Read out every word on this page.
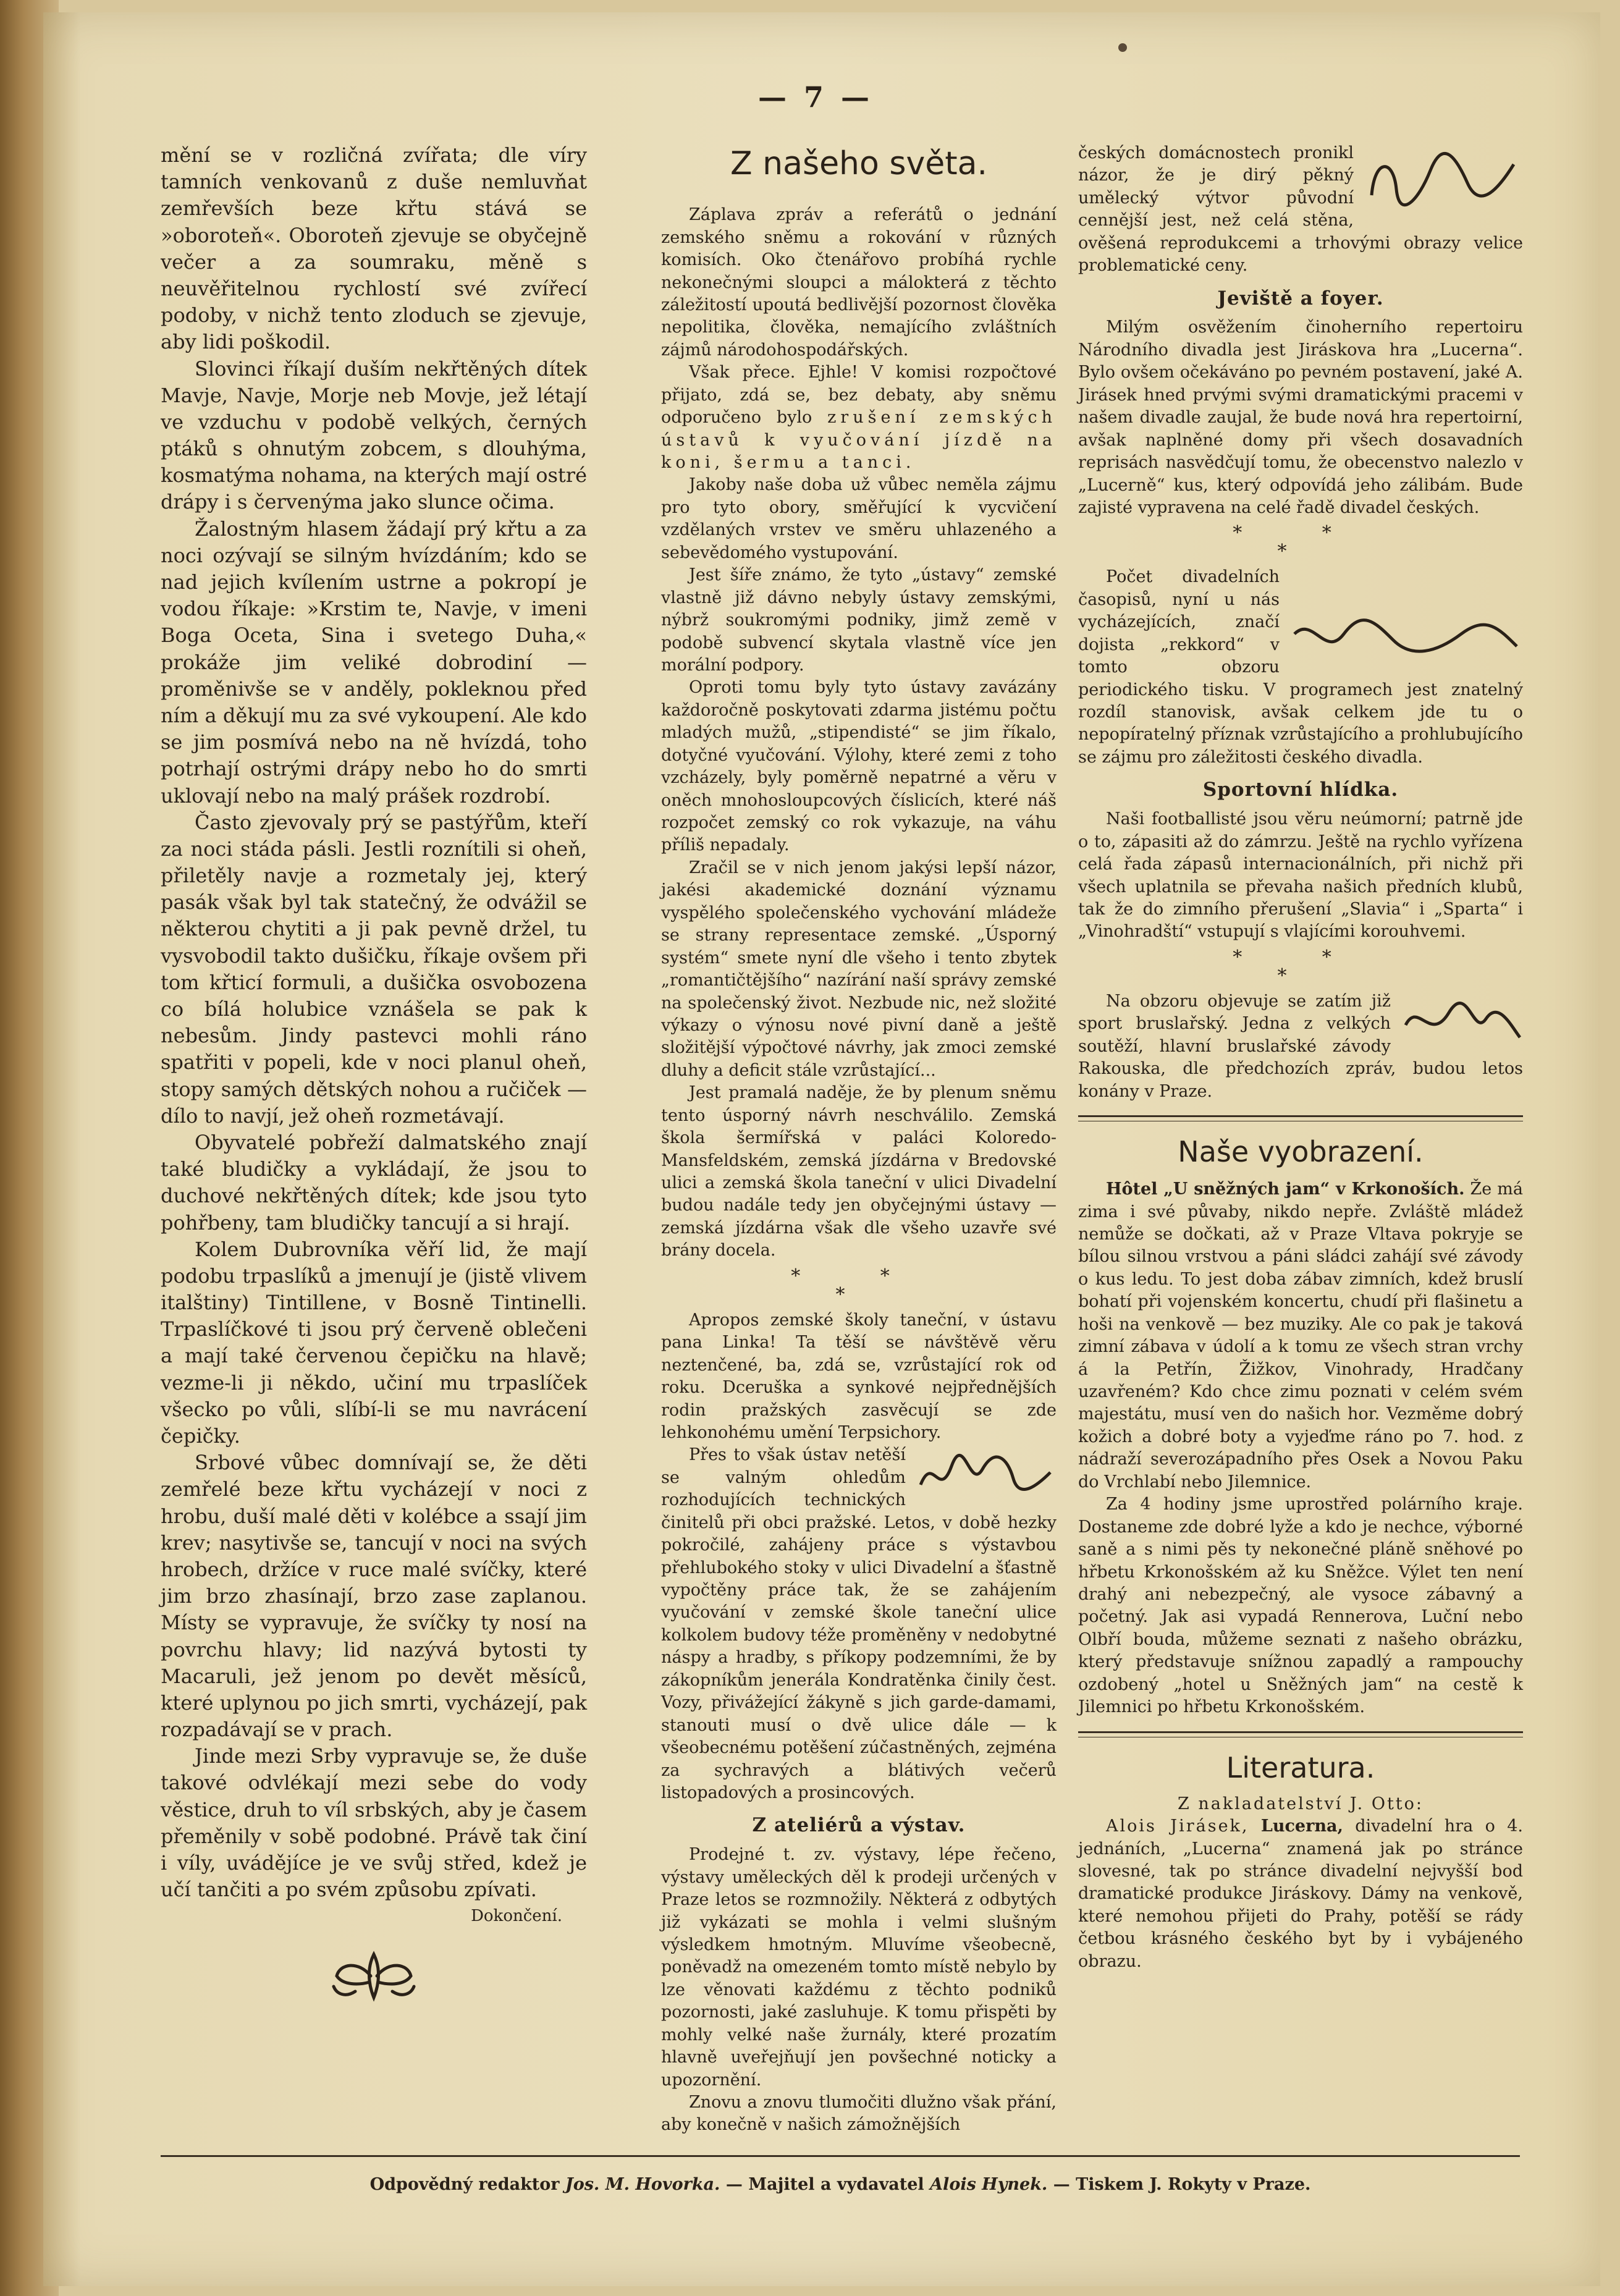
— 7 —

mění se v rozličná zvířata; dle víry tamních venkovanů z duše nemluvňat zemřevších beze křtu stává se »oboroteň«. Oboroteň zjevuje se obyčejně večer a za soumraku, měně s neuvěřitelnou rychlostí své zvířecí podoby, v nichž tento zloduch se zjevuje, aby lidi poškodil.

Slovinci říkají duším nekřtěných dítek Mavje, Navje, Morje neb Movje, jež létají ve vzduchu v podobě velkých, černých ptáků s ohnutým zobcem, s dlouhýma, kosmatýma nohama, na kterých mají ostré drápy i s červenýma jako slunce očima.

Žalostným hlasem žádají prý křtu a za noci ozývají se silným hvízdáním; kdo se nad jejich kvílením ustrne a pokropí je vodou říkaje: »Krstim te, Navje, v imeni Boga Oceta, Sina i svetego Duha,« prokáže jim veliké dobrodiní — proměnivše se v anděly, pokleknou před ním a děkují mu za své vykoupení. Ale kdo se jim posmívá nebo na ně hvízdá, toho potrhají ostrými drápy nebo ho do smrti uklovají nebo na malý prášek rozdrobí.

Často zjevovaly prý se pastýřům, kteří za noci stáda pásli. Jestli roznítili si oheň, přiletěly navje a rozmetaly jej, který pasák však byl tak statečný, že odvážil se některou chytiti a ji pak pevně držel, tu vysvobodil takto dušičku, říkaje ovšem při tom křticí formuli, a dušička osvobozena co bílá holubice vznášela se pak k nebesům. Jindy pastevci mohli ráno spatřiti v popeli, kde v noci planul oheň, stopy samých dětských nohou a ručiček — dílo to navjí, jež oheň rozmetávají.

Obyvatelé pobřeží dalmatského znají také bludičky a vykládají, že jsou to duchové nekřtěných dítek; kde jsou tyto pohřbeny, tam bludičky tancují a si hrají.

Kolem Dubrovníka věří lid, že mají podobu trpaslíků a jmenují je (jistě vlivem italštiny) Tintillene, v Bosně Tintinelli. Trpaslíčkové ti jsou prý červeně oblečeni a mají také červenou čepičku na hlavě; vezme-li ji někdo, učiní mu trpaslíček všecko po vůli, slíbí-li se mu navrácení čepičky.

Srbové vůbec domnívají se, že děti zemřelé beze křtu vycházejí v noci z hrobu, duší malé děti v kolébce a ssají jim krev; nasytivše se, tancují v noci na svých hrobech, držíce v ruce malé svíčky, které jim brzo zhasínají, brzo zase zaplanou. Místy se vypravuje, že svíčky ty nosí na povrchu hlavy; lid nazývá bytosti ty Macaruli, jež jenom po devět měsíců, které uplynou po jich smrti, vycházejí, pak rozpadávají se v prach.

Jinde mezi Srby vypravuje se, že duše takové odvlékají mezi sebe do vody věstice, druh to víl srbských, aby je časem přeměnily v sobě podobné. Právě tak činí i víly, uvádějíce je ve svůj střed, kdež je učí tančiti a po svém způsobu zpívati.

Dokončení.
Z našeho světa.

Záplava zpráv a referátů o jednání zemského sněmu a rokování v různých komisích. Oko čtenářovo probíhá rychle nekonečnými sloupci a málokterá z těchto záležitostí upoutá bedlivější pozornost člověka nepolitika, člověka, nemajícího zvláštních zájmů národohospodářských.

Však přece. Ejhle! V komisi rozpočtové přijato, zdá se, bez debaty, aby sněmu odporučeno bylo zrušení zemských ústavů k vyučování jízdě na koni, šermu a tanci.

Jakoby naše doba už vůbec neměla zájmu pro tyto obory, směřující k vycvičení vzdělaných vrstev ve směru uhlazeného a sebevědomého vystupování.

Jest šíře známo, že tyto „ústavy“ zemské vlastně již dávno nebyly ústavy zemskými, nýbrž soukromými podniky, jimž země v podobě subvencí skytala vlastně více jen morální podpory.

Oproti tomu byly tyto ústavy zavázány každoročně poskytovati zdarma jistému počtu mladých mužů, „stipendisté“ se jim říkalo, dotyčné vyučování. Výlohy, které zemi z toho vzcházely, byly poměrně nepatrné a věru v oněch mnohosloupcových číslicích, které náš rozpočet zemský co rok vykazuje, na váhu příliš nepadaly.

Zračil se v nich jenom jakýsi lepší názor, jakési akademické doznání významu vyspělého společenského vychování mládeže se strany representace zemské. „Úsporný systém“ smete nyní dle všeho i tento zbytek „romantičtějšího“ nazírání naší správy zemské na společenský život. Nezbude nic, než složité výkazy o výnosu nové pivní daně a ještě složitější výpočtové návrhy, jak zmoci zemské dluhy a deficit stále vzrůstající...

Jest pramalá naděje, že by plenum sněmu tento úsporný návrh neschválilo. Zemská škola šermířská v paláci Koloredo-Mansfeldském, zemská jízdárna v Bredovské ulici a zemská škola taneční v ulici Divadelní budou nadále tedy jen obyčejnými ústavy — zemská jízdárna však dle všeho uzavře své brány docela.

* *
*

Apropos zemské školy taneční, v ústavu pana Linka! Ta těší se návštěvě věru neztenčené, ba, zdá se, vzrůstající rok od roku. Dceruška a synkové nejpřednějších rodin pražských zasvěcují se zde lehkonohému umění Terpsichory.

Přes to však ústav netěší se valným ohledům rozhodujících technických činitelů při obci pražské. Letos, v době hezky pokročilé, zahájeny práce s výstavbou přehlubokého stoky v ulici Divadelní a šťastně vypočtěny práce tak, že se zahájením vyučování v zemské škole taneční ulice kolkolem budovy téže proměněny v nedobytné náspy a hradby, s příkopy podzemními, že by zákopníkům jenerála Kondratěnka činily čest. Vozy, přivážející žákyně s jich garde-damami, stanouti musí o dvě ulice dále — k všeobecnému potěšení zúčastněných, zejména za sychravých a blátivých večerů listopadových a prosincových.

Z ateliérů a výstav.

Prodejné t. zv. výstavy, lépe řečeno, výstavy uměleckých děl k prodeji určených v Praze letos se rozmnožily. Některá z odbytých již vykázati se mohla i velmi slušným výsledkem hmotným. Mluvíme všeobecně, poněvadž na omezeném tomto místě nebylo by lze věnovati každému z těchto podniků pozornosti, jaké zasluhuje. K tomu přispěti by mohly velké naše žurnály, které prozatím hlavně uveřejňují jen povšechné noticky a upozornění.

Znovu a znovu tlumočiti dlužno však přání, aby konečně v našich zámožnějších

českých domácnostech pronikl názor, že je dirý pěkný umělecký výtvor původní cennější jest, než celá stěna, ověšená reprodukcemi a trhovými obrazy velice problematické ceny.

Jeviště a foyer.

Milým osvěžením činoherního repertoiru Národního divadla jest Jiráskova hra „Lucerna“. Bylo ovšem očekáváno po pevném postavení, jaké A. Jirásek hned prvými svými dramatickými pracemi v našem divadle zaujal, že bude nová hra repertoirní, avšak naplněné domy při všech dosavadních reprisách nasvědčují tomu, že obecenstvo nalezlo v „Lucerně“ kus, který odpovídá jeho zálibám. Bude zajisté vypravena na celé řadě divadel českých.

* *
*

Počet divadelních časopisů, nyní u nás vycházejících, značí dojista „rekkord“ v tomto obzoru periodického tisku. V programech jest znatelný rozdíl stanovisk, avšak celkem jde tu o nepopíratelný příznak vzrůstajícího a prohlubujícího se zájmu pro záležitosti českého divadla.

Sportovní hlídka.

Naši footballisté jsou věru neúmorní; patrně jde o to, zápasiti až do zámrzu. Ještě na rychlo vyřízena celá řada zápasů internacionálních, při nichž při všech uplatnila se převaha našich předních klubů, tak že do zimního přerušení „Slavia“ i „Sparta“ i „Vinohradští“ vstupují s vlajícími korouhvemi.

* *
*

Na obzoru objevuje se zatím již sport bruslařský. Jedna z velkých soutěží, hlavní bruslařské závody Rakouska, dle předchozích zpráv, budou letos konány v Praze.

Naše vyobrazení.

Hôtel „U sněžných jam“ v Krkonoších. Že má zima i své půvaby, nikdo nepře. Zvláště mládež nemůže se dočkati, až v Praze Vltava pokryje se bílou silnou vrstvou a páni sládci zahájí své závody o kus ledu. To jest doba zábav zimních, kdež bruslí bohatí při vojenském koncertu, chudí při flašinetu a hoši na venkově — bez muziky. Ale co pak je taková zimní zábava v údolí a k tomu ze všech stran vrchy á la Petřín, Žižkov, Vinohrady, Hradčany uzavřeném? Kdo chce zimu poznati v celém svém majestátu, musí ven do našich hor. Vezměme dobrý kožich a dobré boty a vyjeďme ráno po 7. hod. z nádraží severozápadního přes Osek a Novou Paku do Vrchlabí nebo Jilemnice.

Za 4 hodiny jsme uprostřed polárního kraje. Dostaneme zde dobré lyže a kdo je nechce, výborné saně a s nimi pěs ty nekonečné pláně sněhové po hřbetu Krkonošském až ku Sněžce. Výlet ten není drahý ani nebezpečný, ale vysoce zábavný a početný. Jak asi vypadá Rennerova, Luční nebo Olbří bouda, můžeme seznati z našeho obrázku, který představuje snížnou zapadlý a rampouchy ozdobený „hotel u Sněžných jam“ na cestě k Jilemnici po hřbetu Krkonošském.

Literatura.

Z nakladatelství J. Otto:

Alois Jirásek, Lucerna, divadelní hra o 4. jednáních, „Lucerna“ znamená jak po stránce slovesné, tak po stránce divadelní nejvyšší bod dramatické produkce Jiráskovy. Dámy na venkově, které nemohou přijeti do Prahy, potěší se rády četbou krásného českého byt by i vybájeného obrazu.

Odpovědný redaktor Jos. M. Hovorka. — Majitel a vydavatel Alois Hynek. — Tiskem J. Rokyty v Praze.
